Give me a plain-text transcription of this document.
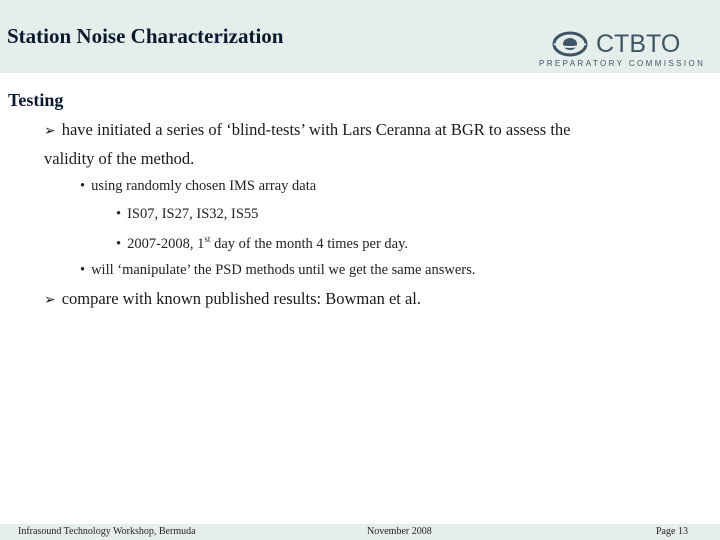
Station Noise Characterization	CTBTO
PREPARATORY COMMISSION
Testing
➢ have initiated a series of ‘blind-tests’ with Lars Ceranna at BGR to assess the
validity of the method.
• using randomly chosen IMS array data
• IS07, IS27, IS32, IS55
• 2007-2008, 1st day of the month 4 times per day.
• will ‘manipulate’ the PSD methods until we get the same answers.
➢ compare with known published results: Bowman et al.
Infrasound Technology Workshop, Bermuda	November 2008	Page 13
